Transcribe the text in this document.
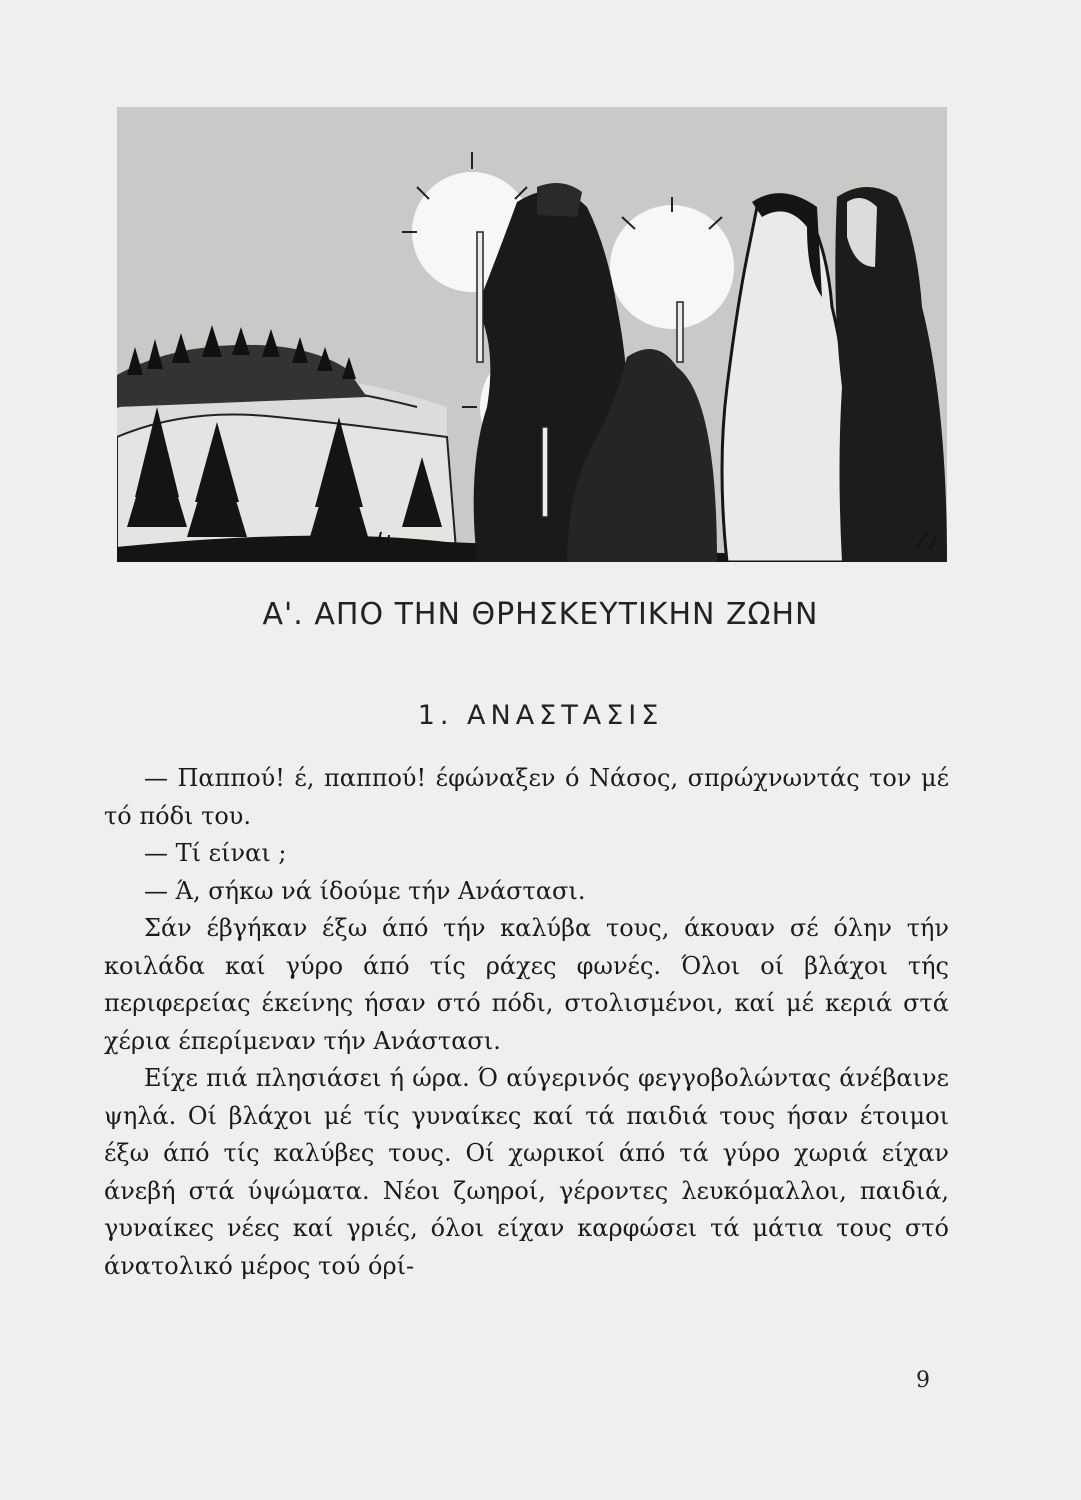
Α'. ΑΠΟ ΤΗΝ ΘΡΗΣΚΕΥΤΙΚΗΝ ΖΩΗΝ
1. ΑΝΑΣΤΑΣΙΣ

— Παππού! έ, παππού! έφώναξεν ό Νάσος, σπρώχνωντάς τον μέ τό πόδι του.

— Τί είναι ;

— Ά, σήκω νά ίδούμε τήν Ανάστασι.

Σάν έβγήκαν έξω άπό τήν καλύβα τους, άκουαν σέ όλην τήν κοιλάδα καί γύρο άπό τίς ράχες φωνές. Όλοι οί βλάχοι τής περιφερείας έκείνης ήσαν στό πόδι, στολισμένοι, καί μέ κεριά στά χέρια έπερίμεναν τήν Ανάστασι.

Είχε πιά πλησιάσει ή ώρα. Ό αύγερινός φεγγοβολώντας άνέβαινε ψηλά. Οί βλάχοι μέ τίς γυναίκες καί τά παιδιά τους ήσαν έτοιμοι έξω άπό τίς καλύβες τους. Οί χωρικοί άπό τά γύρο χωριά είχαν άνεβή στά ύψώματα. Νέοι ζωηροί, γέροντες λευκόμαλλοι, παιδιά, γυναίκες νέες καί γριές, όλοι είχαν καρφώσει τά μάτια τους στό άνατολικό μέρος τού όρί-

9
